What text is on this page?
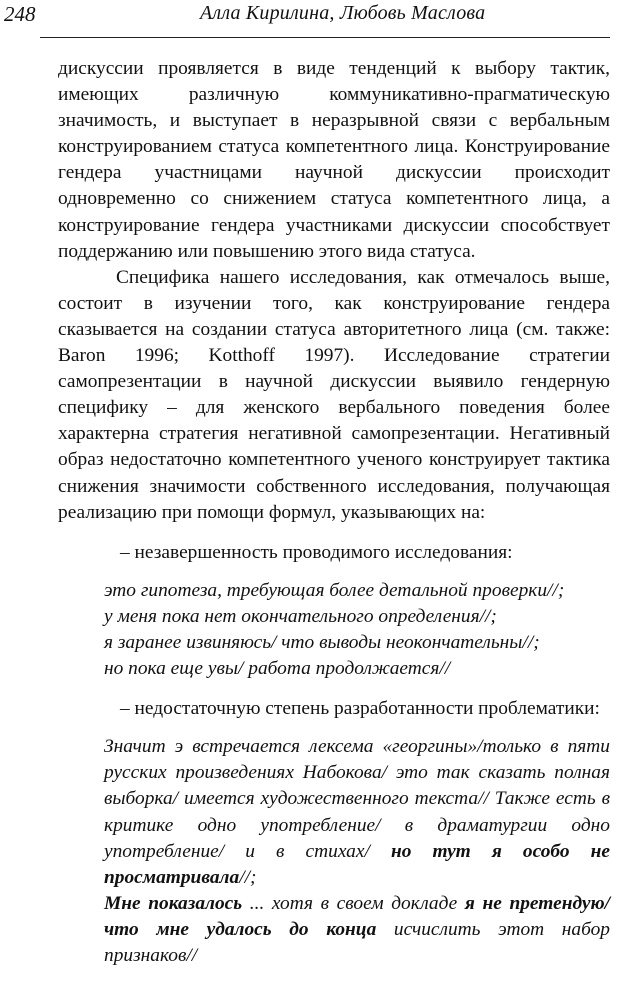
248	Алла Кирилина, Любовь Маслова

дискуссии проявляется в виде тенденций к выбору тактик, имеющих различную коммуникативно-прагматическую значимость, и выступает в неразрывной связи с вербальным конструированием статуса компетентного лица. Конструирование гендера участницами научной дискуссии происходит одновременно со снижением статуса компетентного лица, а конструирование гендера участниками дискуссии способствует поддержанию или повышению этого вида статуса.

Специфика нашего исследования, как отмечалось выше, состоит в изучении того, как конструирование гендера сказывается на создании статуса авторитетного лица (см. также: Baron 1996; Kotthoff 1997). Исследование стратегии самопрезентации в научной дискуссии выявило гендерную специфику – для женского вербального поведения более характерна стратегия негативной самопрезентации. Негативный образ недостаточно компетентного ученого конструирует тактика снижения значимости собственного исследования, получающая реализацию при помощи формул, указывающих на:

– незавершенность проводимого исследования:

это гипотеза, требующая более детальной проверки//;
у меня пока нет окончательного определения//;
я заранее извиняюсь/ что выводы неокончательны//;
но пока еще увы/ работа продолжается//

– недостаточную степень разработанности проблематики:

Значит э встречается лексема «георгины»/только в пяти русских произведениях Набокова/ это так сказать полная выборка/ имеется художественного текста// Также есть в критике одно употребление/ в драматургии одно употребление/ и в стихах/ но тут я особо не просматривала//;

Мне показалось ... хотя в своем докладе я не претендую/ что мне удалось до конца исчислить этот набор признаков//
